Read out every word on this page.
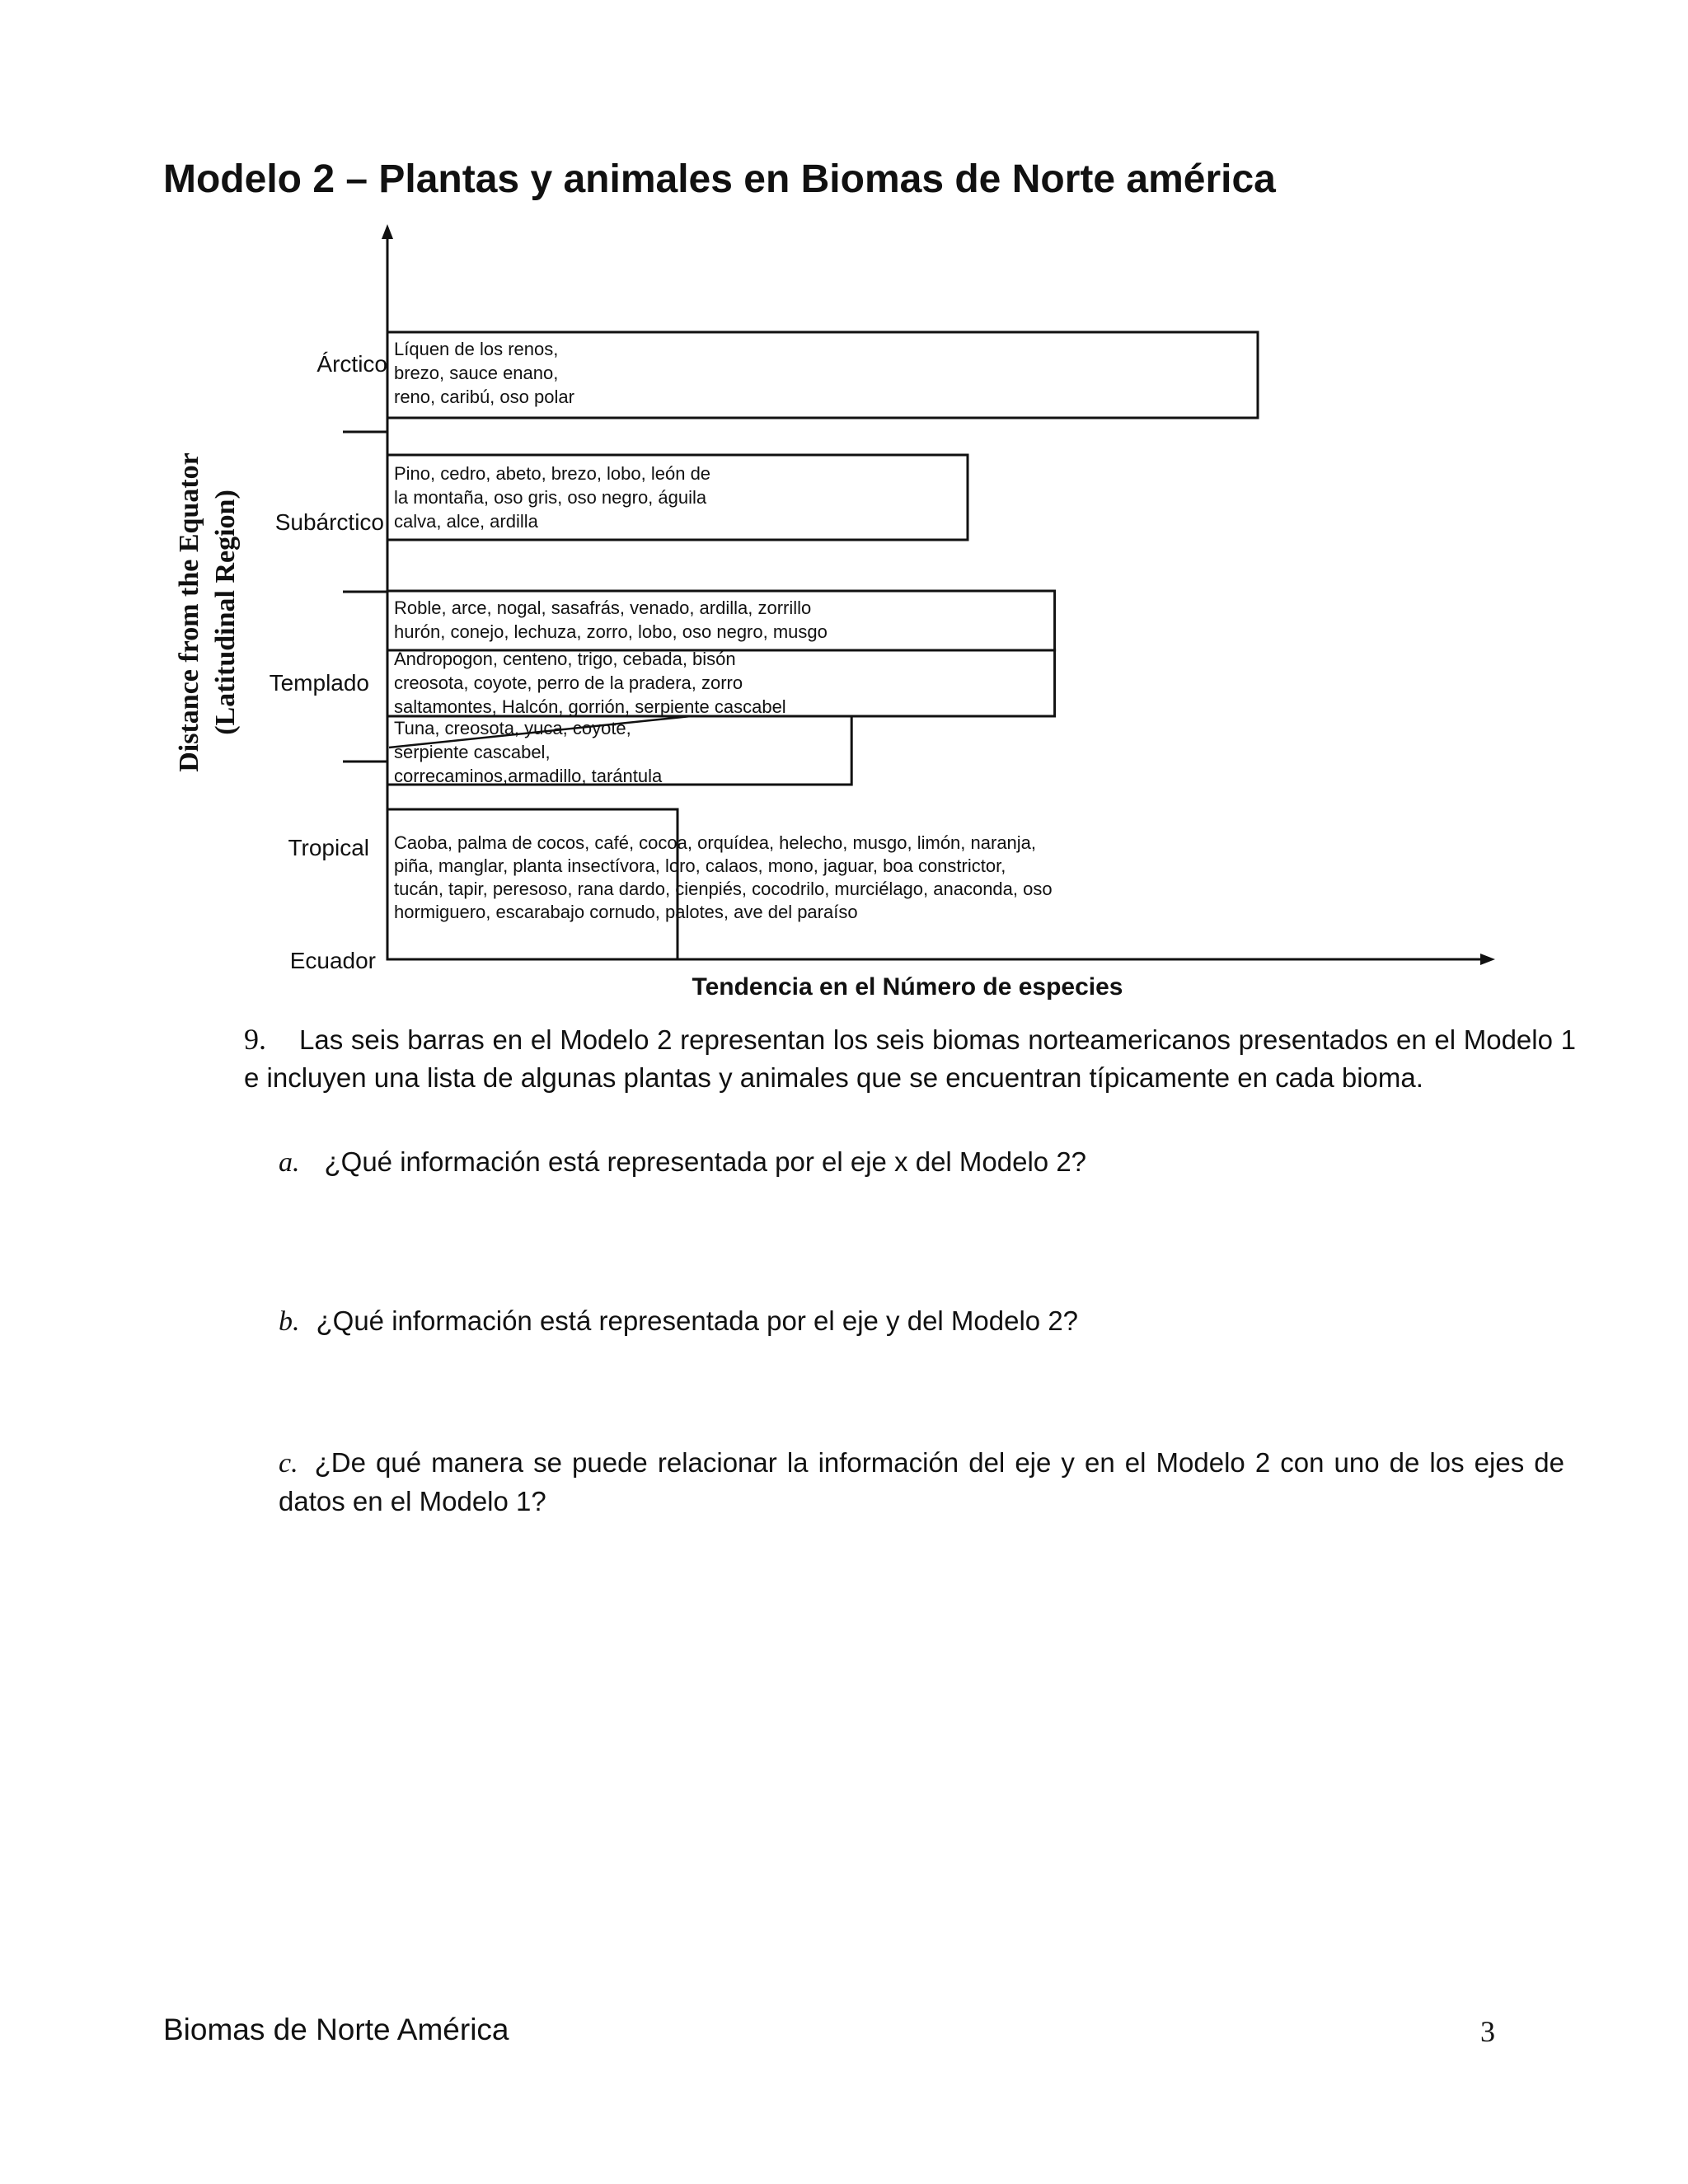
Modelo 2 – Plantas y animales en Biomas de Norte américa
Ecuador
Tropical
Templado
Subárctico
Árctico
Líquen de los renos,
brezo, sauce enano,
reno, caribú, oso polar
Pino, cedro, abeto, brezo, lobo, león de
la montaña, oso gris, oso negro, águila
calva, alce, ardilla
Roble, arce, nogal, sasafrás, venado, ardilla, zorrillo
hurón, conejo, lechuza, zorro, lobo, oso negro, musgo
Andropogon, centeno, trigo, cebada, bisón
creosota, coyote, perro de la pradera, zorro
saltamontes, Halcón, gorrión, serpiente cascabel
Tuna, creosota, yuca, coyote,
serpiente cascabel,
correcaminos,armadillo, tarántula
Caoba, palma de cocos, café, cocoa, orquídea, helecho, musgo, limón, naranja,
piña, manglar, planta insectívora, loro, calaos, mono, jaguar, boa constrictor,
tucán, tapir, peresoso, rana dardo, cienpiés, cocodrilo, murciélago, anaconda, oso
hormiguero, escarabajo cornudo, palotes, ave del paraíso
Tendencia en el Número de especies
Distance from the Equator (Latitudinal Region)
9. Las seis barras en el Modelo 2 representan los seis biomas norteamericanos presentados en el Modelo 1 e incluyen una lista de algunas plantas y animales que se encuentran típicamente en cada bioma.
a. ¿Qué información está representada por el eje x del Modelo 2?
b. ¿Qué información está representada por el eje y del Modelo 2?
c. ¿De qué manera se puede relacionar la información del eje y en el Modelo 2 con uno de los ejes de datos en el Modelo 1?
Biomas de Norte América	3
